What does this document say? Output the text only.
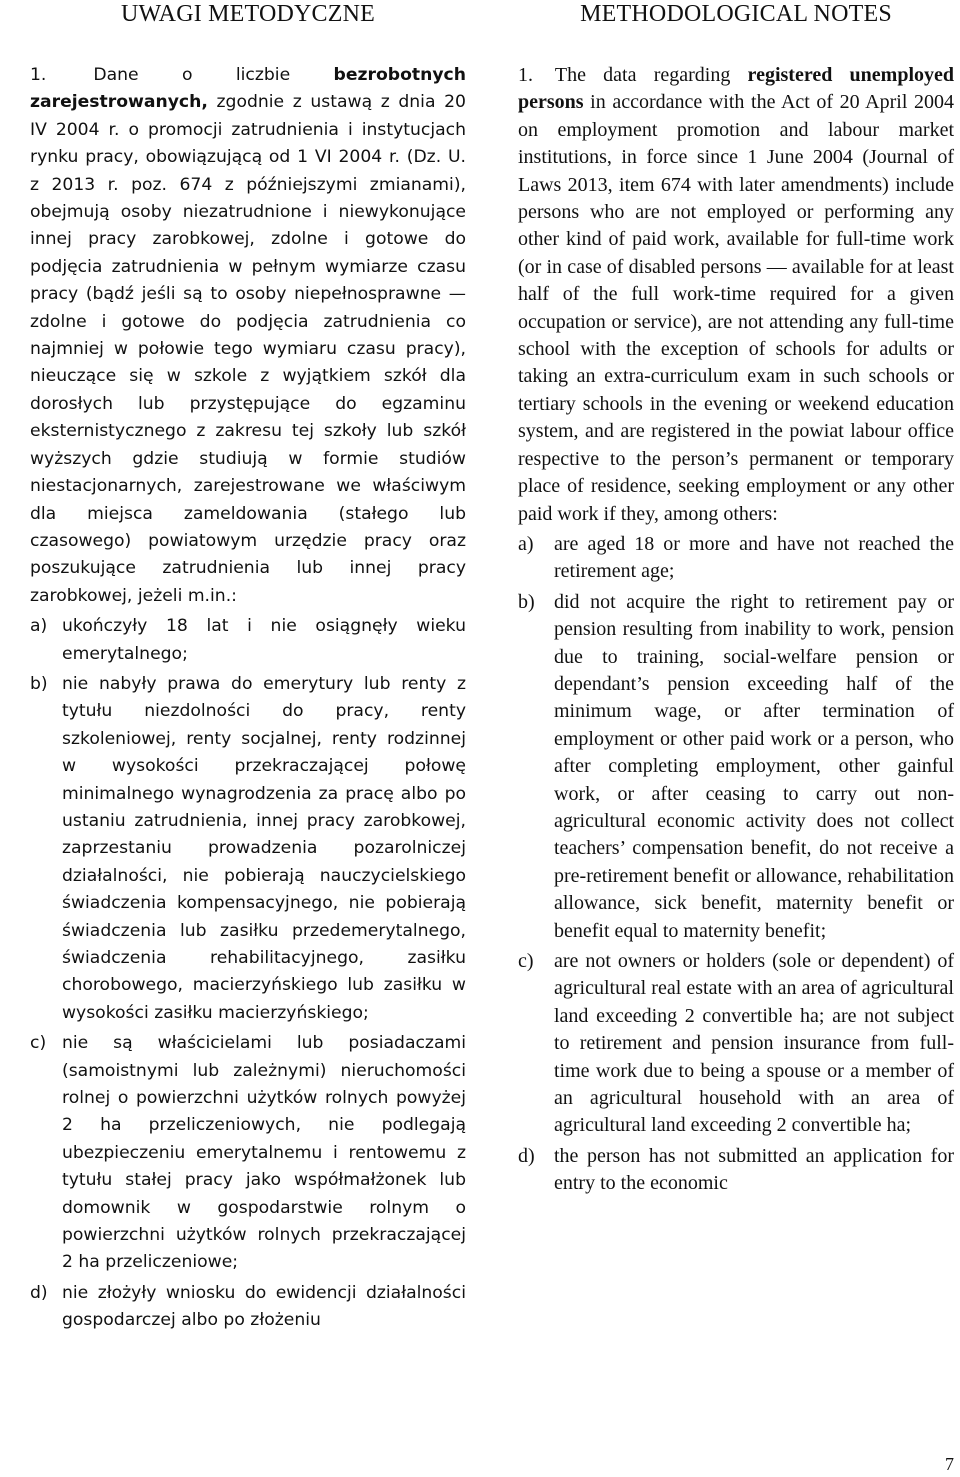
UWAGI METODYCZNE
1.	Dane o liczbie bezrobotnych zarejestrowanych, zgodnie z ustawą z dnia 20 IV 2004 r. o promocji zatrudnienia i instytucjach rynku pracy, obowiązującą od 1 VI 2004 r. (Dz. U. z 2013 r. poz. 674 z późniejszymi zmianami), obejmują osoby niezatrudnione i niewykonujące innej pracy zarobkowej, zdolne i gotowe do podjęcia zatrudnienia w pełnym wymiarze czasu pracy (bądź jeśli są to osoby niepełnosprawne — zdolne i gotowe do podjęcia zatrudnienia co najmniej w połowie tego wymiaru czasu pracy), nieuczące się w szkole z wyjątkiem szkół dla dorosłych lub przystępujące do egzaminu eksternistycznego z zakresu tej szkoły lub szkół wyższych gdzie studiują w formie studiów niestacjonarnych, zarejestrowane we właściwym dla miejsca zameldowania (stałego lub czasowego) powiatowym urzędzie pracy oraz poszukujące zatrudnienia lub innej pracy zarobkowej, jeżeli m.in.:
a) ukończyły 18 lat i nie osiągnęły wieku emerytalnego;
b) nie nabyły prawa do emerytury lub renty z tytułu niezdolności do pracy, renty szkoleniowej, renty socjalnej, renty rodzinnej w wysokości przekraczającej połowę minimalnego wynagrodzenia za pracę albo po ustaniu zatrudnienia, innej pracy zarobkowej, zaprzestaniu prowadzenia pozarolniczej działalności, nie pobierają nauczycielskiego świadczenia kompensacyjnego, nie pobierają świadczenia lub zasiłku przedemerytalnego, świadczenia rehabilitacyjnego, zasiłku chorobowego, macierzyńskiego lub zasiłku w wysokości zasiłku macierzyńskiego;
c) nie są właścicielami lub posiadaczami (samoistnymi lub zależnymi) nieruchomości rolnej o powierzchni użytków rolnych powyżej 2 ha przeliczeniowych, nie podlegają ubezpieczeniu emerytalnemu i rentowemu z tytułu stałej pracy jako współmałżonek lub domownik w gospodarstwie rolnym o powierzchni użytków rolnych przekraczającej 2 ha przeliczeniowe;
d) nie złożyły wniosku do ewidencji działalności gospodarczej albo po złożeniu
METHODOLOGICAL NOTES
1. The data regarding registered unemployed persons in accordance with the Act of 20 April 2004 on employment promotion and labour market institutions, in force since 1 June 2004 (Journal of Laws 2013, item 674 with later amendments) include persons who are not employed or performing any other kind of paid work, available for full-time work (or in case of disabled persons — available for at least half of the full work-time required for a given occupation or service), are not attending any full-time school with the exception of schools for adults or taking an extra-curriculum exam in such schools or tertiary schools in the evening or weekend education system, and are registered in the powiat labour office respective to the person’s permanent or temporary place of residence, seeking employment or any other paid work if they, among others:
a) are aged 18 or more and have not reached the retirement age;
b) did not acquire the right to retirement pay or pension resulting from inability to work, pension due to training, social-welfare pension or dependant’s pension exceeding half of the minimum wage, or after termination of employment or other paid work or a person, who after completing employment, other gainful work, or after ceasing to carry out non-agricultural economic activity does not collect teachers’ compensation benefit, do not receive a pre-retirement benefit or allowance, rehabilitation allowance, sick benefit, maternity benefit or benefit equal to maternity benefit;
c) are not owners or holders (sole or dependent) of agricultural real estate with an area of agricultural land exceeding 2 convertible ha; are not subject to retirement and pension insurance from full-time work due to being a spouse or a member of an agricultural household with an area of agricultural land exceeding 2 convertible ha;
d) the person has not submitted an application for entry to the economic
7
